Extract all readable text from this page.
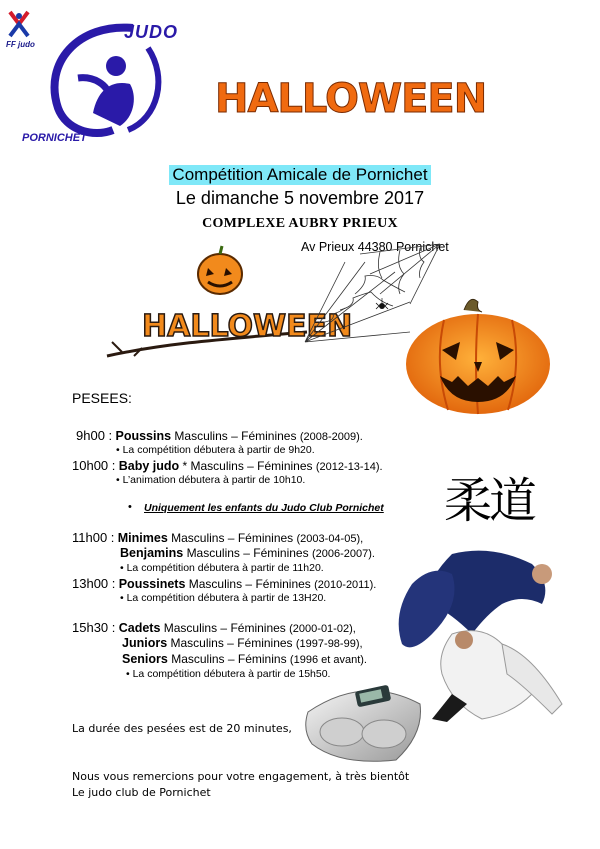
FF judo
JUDO
PORNICHET
HALLOWEEN
Compétition Amicale de Pornichet
Le dimanche 5 novembre 2017
COMPLEXE AUBRY PRIEUX
Av Prieux 44380 Pornichet
HALLOWEEN
柔道
PESEES:
9h00 : Poussins Masculins – Féminines (2008-2009).
• La compétition débutera à partir de 9h20.
10h00 : Baby judo * Masculins – Féminines (2012-13-14).
• L’animation débutera à partir de 10h10.
• Uniquement les enfants du Judo Club Pornichet
11h00 : Minimes Masculins – Féminines (2003-04-05),
Benjamins Masculins – Féminines (2006-2007).
• La compétition débutera à partir de 11h20.
13h00 : Poussinets Masculins – Féminines (2010-2011).
• La compétition débutera à partir de 13H20.
15h30 : Cadets Masculins – Féminines (2000-01-02),
Juniors Masculins – Féminines (1997-98-99),
Seniors Masculins – Féminins (1996 et avant).
• La compétition débutera à partir de 15h50.
La durée des pesées est de 20 minutes,
Nous vous remercions pour votre engagement, à très bientôt
Le judo club de Pornichet
